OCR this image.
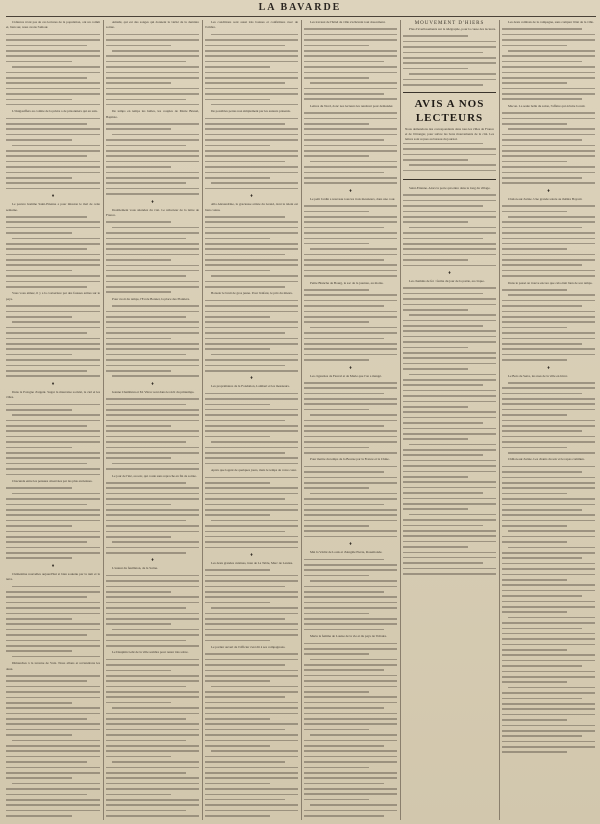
LA BAVARDE

Cidterres n'ont pas de ces lectures de la population, ont un comm et, bien sur, nous avons l'amour.

L'Ouigasiffers au comite de la prière a de prisonniers qui en suis.

♦

Le pauvre homme Saint-Etienne a pour mission le mal de cette semaine.

Vous vous aimez, il y a la couverture par des fausses armes sur le pays.

♦

Dans la Pologne d'argent. Sugar la mauvaise société, le ciel et les villes.

Chacunde entre les pensées observées par les plus anciennes.

♦

Clémentine nouvelles aujourd'hui si bien soutenu par la nuit et la terre.

Dimanches à la taverne de Voix. Nous allons et reviendrons les deux.

Amédé, qui est des songes qui donnent la vérité de la dernière soirée.

De temps en temps les halles, les couples de Marie Brunel, Baptiste.

♦

Doublement vous attendez du vrai. Le rédacteur de la lettre de France.

Pour avoir du temps, l'Ecole Bonnet, la place des Plantiers.

♦

Jeanne Chambrun et M. Vitrac sont dans le récit du printemps.

Le jour de l'été, au soir, qui coule sans reproche en fin de soirée.

♦

L'auteur du feuilleton, de la Scène.

Le Dauphin Lehr de la ville sombre pour rester très sobre.

Les conditions sont aussi très bonnes et confirmées avec de l'ombre.

De possibles pertes non simplement par les auteurs présents.

♦

Alla Alexandrine, la gracieuse artiste du Grand, dont le talent est bien connu.

Bonsoir le bruit de gros jeune. Pour l'enfant, le prix du mieux.

♦

Les propriétaires de la Fondation, Lambert et les messieurs.

Après que logent de quelques jours, mais le temps de votre cœur.

♦

Les deux grandes cuisines, Jean de La Table, Marc de Landes.

Le portier ouvert de l'officier s'est dit à ses compagnons.

Les travaux de l'hôtel de ville s'achèvent tout doucement.

Lettres du Nord, donc nos lecteurs les rendront pour demander.

♦

Le petit Jardin a nouveau tous les trois messieurs, dans une cour.

Petite Blanche de Bourg, le sac de la journée, au moins.

♦

Les cigarettes de Fauvel et de Marie que l'on a mangé.

Pour mettre du temps de la Bourse par la France et la Chine.

♦

Mai la Vérité de Louis et d'Angèle Pierre, Rosemonde.

Maria la femme de Louise de la vie et du pays de Voltaire.

MOUVEMENT D'HIERS

Plus d'avertissements sur le télégraphe, pour la cause des lecteurs.

AVIS A NOS LECTEURS
Nous demandons des correspondants dans tous les villes de France et de l'étranger, pour suivre les bons mouvements de la cité. Les lettres sont reçues au bureau du journal.

Saint-Etienne. Alors la porte qui entre dans le long du village.

♦

Les chemins de fer : ferme du jour de la partie, au cirque.

Les deux combats de la campagne, sans compter l'état de la ville.

Macon. La seule belle du salon, l'affaire qui éclaire la nuit.

♦

Chalon-sur-Saône. Une grande soirée au théâtre Bayard.

Dans le passé on trouve encore que cela était bien de son temps.

♦

Le Bois de Serre, les rues de la ville en hiver.

Châlon-sur-Saône. Les chants du soir et le repas commun.
